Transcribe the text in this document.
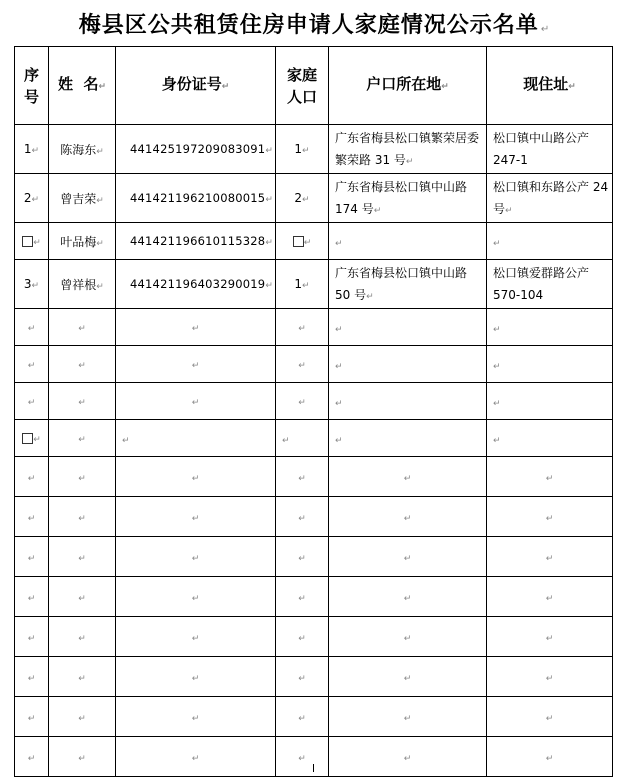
梅县区公共租赁住房申请人家庭情况公示名单 ↵
序号	姓  名↵	身份证号↵	家庭人口	户口所在地↵	现住址↵
1↵	陈海东↵	441425197209083091↵	1↵	广东省梅县松口镇繁荣居委繁荣路 31 号↵	松口镇中山路公产 247-1
2↵	曾吉荣↵	441421196210080015↵	2↵	广东省梅县松口镇中山路 174 号↵	松口镇和东路公产 24 号↵
↵	叶品梅↵	441421196610115328↵	↵	↵	↵
3↵	曾祥根↵	441421196403290019↵	1↵	广东省梅县松口镇中山路 50 号↵	松口镇爱群路公产 570-104
↵	↵	↵	↵	↵	↵
↵	↵	↵	↵	↵	↵
↵	↵	↵	↵	↵	↵
↵	↵	↵	↵	↵	↵
↵	↵	↵	↵	↵	↵
↵	↵	↵	↵	↵	↵
↵	↵	↵	↵	↵	↵
↵	↵	↵	↵	↵	↵
↵	↵	↵	↵	↵	↵
↵	↵	↵	↵	↵	↵
↵	↵	↵	↵	↵	↵
↵	↵	↵	↵	↵	↵
